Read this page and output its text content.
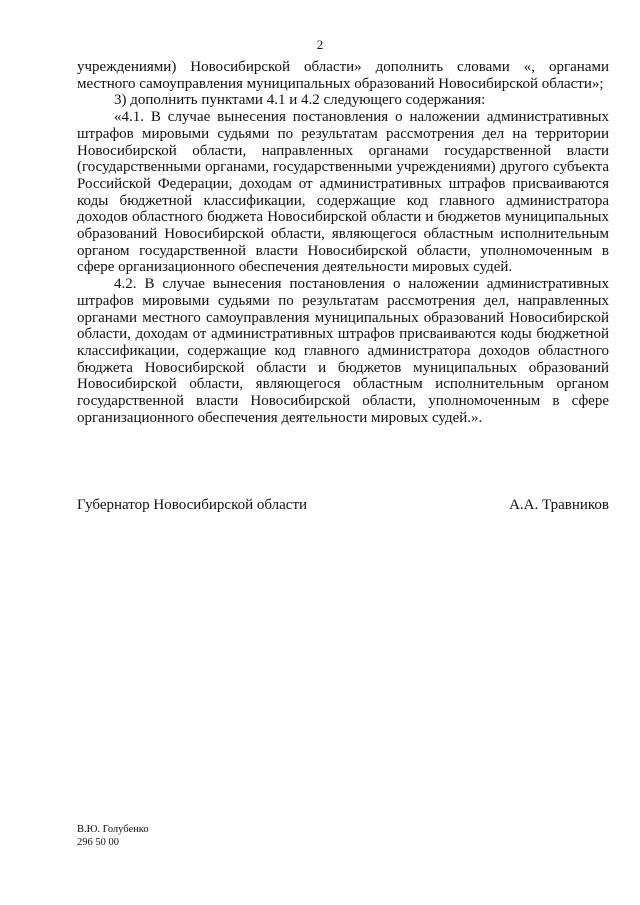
2

учреждениями) Новосибирской области» дополнить словами «, органами местного самоуправления муниципальных образований Новосибирской области»;

3) дополнить пунктами 4.1 и 4.2 следующего содержания:

«4.1. В случае вынесения постановления о наложении административных штрафов мировыми судьями по результатам рассмотрения дел на территории Новосибирской области, направленных органами государственной власти (государственными органами, государственными учреждениями) другого субъекта Российской Федерации, доходам от административных штрафов присваиваются коды бюджетной классификации, содержащие код главного администратора доходов областного бюджета Новосибирской области и бюджетов муниципальных образований Новосибирской области, являющегося областным исполнительным органом государственной власти Новосибирской области, уполномоченным в сфере организационного обеспечения деятельности мировых судей.

4.2. В случае вынесения постановления о наложении административных штрафов мировыми судьями по результатам рассмотрения дел, направленных органами местного самоуправления муниципальных образований Новосибирской области, доходам от административных штрафов присваиваются коды бюджетной классификации, содержащие код главного администратора доходов областного бюджета Новосибирской области и бюджетов муниципальных образований Новосибирской области, являющегося областным исполнительным органом государственной власти Новосибирской области, уполномоченным в сфере организационного обеспечения деятельности мировых судей.».

Губернатор Новосибирской области	А.А. Травников
В.Ю. Голубенко
296 50 00
